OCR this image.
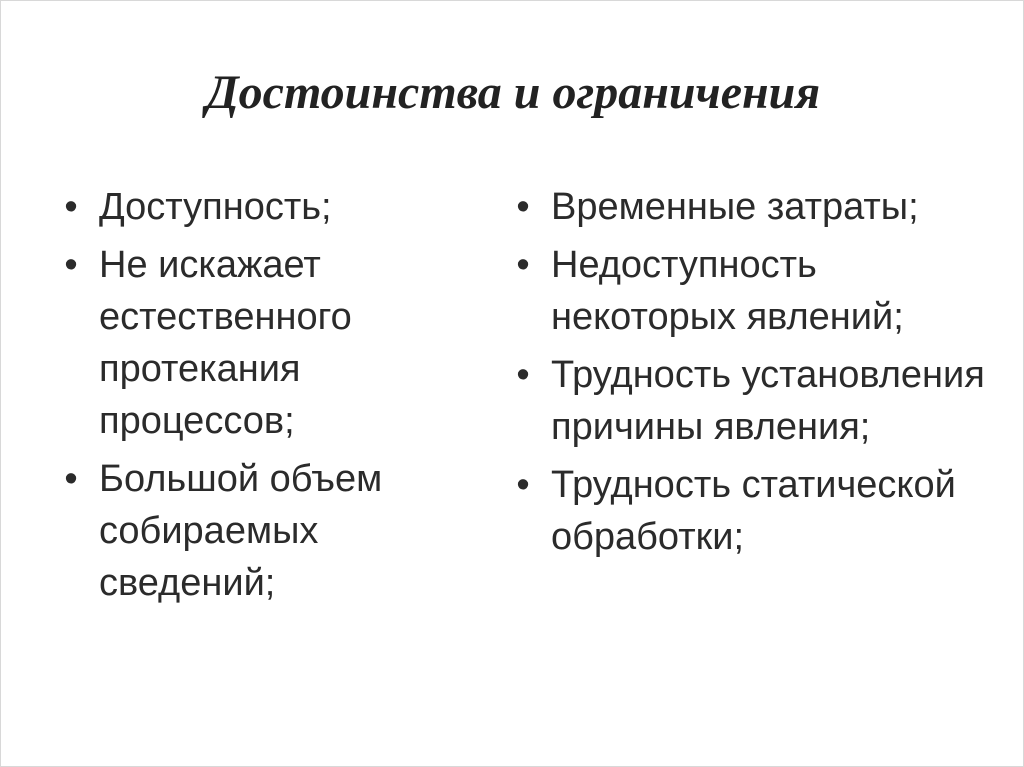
Достоинства и ограничения
• Доступность;
• Не искажает естественного протекания процессов;
• Большой объем собираемых сведений;
• Временные затраты;
• Недоступность некоторых явлений;
• Трудность установления причины явления;
• Трудность статической обработки;
